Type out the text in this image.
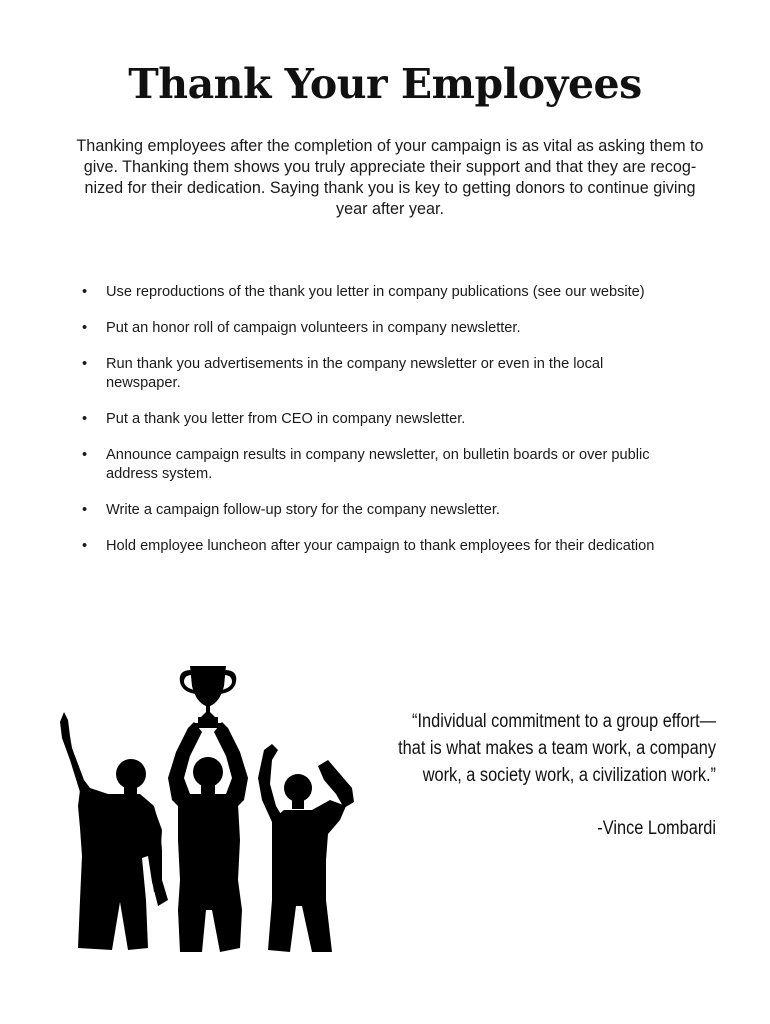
Thank Your Employees
Thanking employees after the completion of your campaign is as vital as asking them to
give. Thanking them shows you truly appreciate their support and that they are recog-
nized for their dedication. Saying thank you is key to getting donors to continue giving
year after year.
• Use reproductions of the thank you letter in company publications (see our website)
• Put an honor roll of campaign volunteers in company newsletter.
• Run thank you advertisements in the company newsletter or even in the local newspaper.
• Put a thank you letter from CEO in company newsletter.
• Announce campaign results in company newsletter, on bulletin boards or over public address system.
• Write a campaign follow-up story for the company newsletter.
• Hold employee luncheon after your campaign to thank employees for their dedication
“Individual commitment to a group effort—
that is what makes a team work, a company
work, a society work, a civilization work.”
-Vince Lombardi
